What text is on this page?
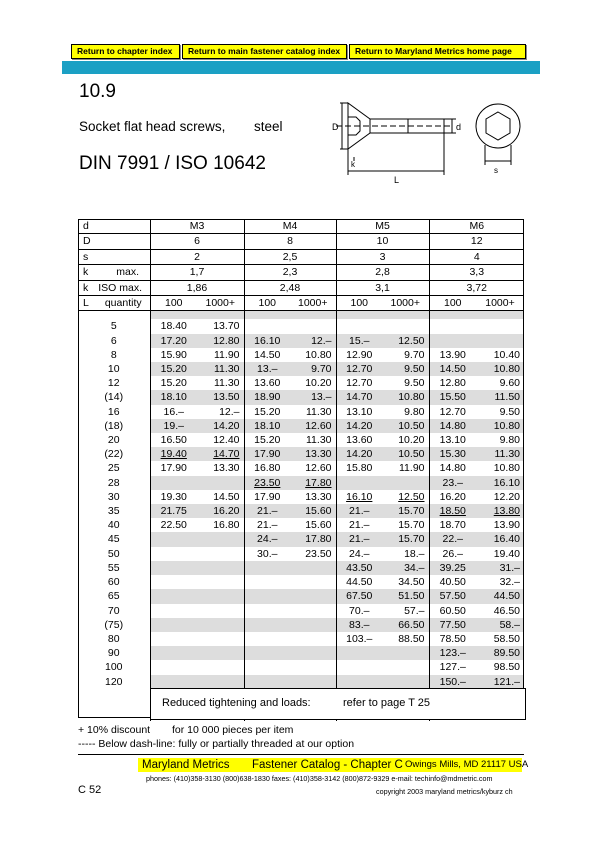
Return to chapter index	Return to main fastener catalog index	Return to Maryland Metrics home page
10.9
Socket flat head screws, steel
DIN 7991 / ISO 10642
D	d
k
L
s
d	M3		M4		M5		M6	
D	6		8		10		12	
s	2		2,5		3		4	
k max.	1,7		2,3		2,8		3,3	
k ISO max.	1,86		2,48		3,1		3,72	
L quantity	100	1000+	100	1000+	100	1000+	100	1000+

5	18.40	13.70						
6	17.20	12.80	16.10	12.–	15.–	12.50		
8	15.90	11.90	14.50	10.80	12.90	9.70	13.90	10.40
10	15.20	11.30	13.–	9.70	12.70	9.50	14.50	10.80
12	15.20	11.30	13.60	10.20	12.70	9.50	12.80	9.60
(14)	18.10	13.50	18.90	13.–	14.70	10.80	15.50	11.50
16	16.–	12.–	15.20	11.30	13.10	9.80	12.70	9.50
(18)	19.–	14.20	18.10	12.60	14.20	10.50	14.80	10.80
20	16.50	12.40	15.20	11.30	13.60	10.20	13.10	9.80
(22)	19.40	14.70	17.90	13.30	14.20	10.50	15.30	11.30
25	17.90	13.30	16.80	12.60	15.80	11.90	14.80	10.80
28			23.50	17.80			23.–	16.10
30	19.30	14.50	17.90	13.30	16.10	12.50	16.20	12.20
35	21.75	16.20	21.–	15.60	21.–	15.70	18.50	13.80
40	22.50	16.80	21.–	15.60	21.–	15.70	18.70	13.90
45			24.–	17.80	21.–	15.70	22.–	16.40
50			30.–	23.50	24.–	18.–	26.–	19.40
55					43.50	34.–	39.25	31.–
60					44.50	34.50	40.50	32.–
65					67.50	51.50	57.50	44.50
70					70.–	57.–	60.50	46.50
(75)					83.–	66.50	77.50	58.–
80					103.–	88.50	78.50	58.50
90							123.–	89.50
100							127.–	98.50
120							150.–	121.–

Reduced tightening and loads:	refer to page T 25
+ 10% discount for 10 000 pieces per item
----- Below dash-line: fully or partially threaded at our option
Maryland Metrics Fastener Catalog - Chapter C Owings Mills, MD 21117 USA
phones: (410)358-3130 (800)638-1830 faxes: (410)358-3142 (800)872-9329 e-mail: techinfo@mdmetric.com
C 52	copyright 2003 maryland metrics/kyburz ch
